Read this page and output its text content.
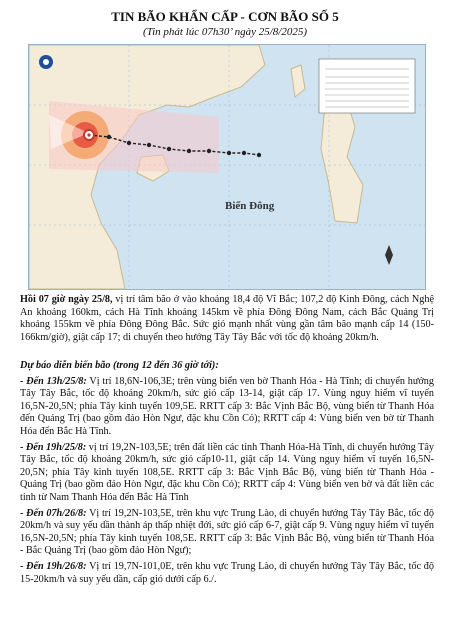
TIN BÃO KHẨN CẤP - CƠN BÃO SỐ 5
(Tin phát lúc 07h30’ ngày 25/8/2025)
Biển Đông
Hồi 07 giờ ngày 25/8, vị trí tâm bão ở vào khoảng 18,4 độ Vĩ Bắc; 107,2 độ Kinh Đông, cách Nghệ An khoảng 160km, cách Hà Tĩnh khoảng 145km về phía Đông Đông Nam, cách Bắc Quảng Trị khoảng 155km về phía Đông Đông Bắc. Sức gió mạnh nhất vùng gần tâm bão mạnh cấp 14 (150-166km/giờ), giật cấp 17; di chuyển theo hướng Tây Tây Bắc với tốc độ khoảng 20km/h.
Dự báo diễn biến bão (trong 12 đến 36 giờ tới):
- Đến 13h/25/8: Vị trí 18,6N-106,3E; trên vùng biển ven bờ Thanh Hóa - Hà Tĩnh; di chuyển hướng Tây Tây Bắc, tốc độ khoảng 20km/h, sức gió cấp 13-14, giật cấp 17. Vùng nguy hiểm vĩ tuyến 16,5N-20,5N; phía Tây kinh tuyến 109,5E. RRTT cấp 3: Bắc Vịnh Bắc Bộ, vùng biển từ Thanh Hóa đến Quảng Trị (bao gồm đảo Hòn Ngư, đặc khu Cồn Cỏ); RRTT cấp 4: Vùng biển ven bờ từ Thanh Hóa đến Bắc Hà Tĩnh.
- Đến 19h/25/8: vị trí 19,2N-103,5E; trên đất liền các tỉnh Thanh Hóa-Hà Tĩnh, di chuyển hướng Tây Tây Bắc, tốc độ khoảng 20km/h, sức gió cấp10-11, giật cấp 14. Vùng nguy hiểm vĩ tuyến 16,5N-20,5N; phía Tây kinh tuyến 108,5E. RRTT cấp 3: Bắc Vịnh Bắc Bộ, vùng biển từ Thanh Hóa - Quảng Trị (bao gồm đảo Hòn Ngư, đặc khu Cồn Cỏ); RRTT cấp 4: Vùng biển ven bờ và đất liền các tỉnh từ Nam Thanh Hóa đến Bắc Hà Tĩnh
- Đến 07h/26/8: Vị trí 19,2N-103,5E, trên khu vực Trung Lào, di chuyển hướng Tây Tây Bắc, tốc độ 20km/h và suy yếu dần thành áp thấp nhiệt đới, sức gió cấp 6-7, giật cấp 9. Vùng nguy hiểm vĩ tuyến 16,5N-20,5N; phía Tây kinh tuyến 108,5E. RRTT cấp 3: Bắc Vịnh Bắc Bộ, vùng biển từ Thanh Hóa - Bắc Quảng Trị (bao gồm đảo Hòn Ngư);
- Đến 19h/26/8: Vị trí 19,7N-101,0E, trên khu vực Trung Lào, di chuyển hướng Tây Tây Bắc, tốc độ 15-20km/h và suy yếu dần, cấp gió dưới cấp 6./.
